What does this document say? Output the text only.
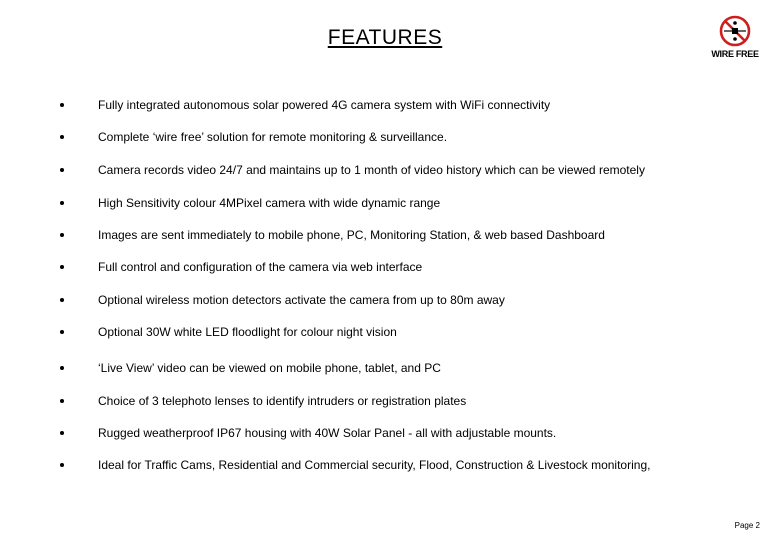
FEATURES
WIRE FREE
Fully integrated autonomous solar powered 4G camera system with WiFi connectivity
Complete ‘wire free’ solution for remote monitoring & surveillance.
Camera records video 24/7 and maintains up to 1 month of video history which can be viewed remotely
High Sensitivity colour 4MPixel camera with wide dynamic range
Images are sent immediately to mobile phone, PC, Monitoring Station, & web based Dashboard
Full control and configuration of the camera via web interface
Optional wireless motion detectors activate the camera from up to 80m away
Optional 30W white LED floodlight for colour night vision
‘Live View’ video can be viewed on mobile phone, tablet, and PC
Choice of 3 telephoto lenses to identify intruders or registration plates
Rugged weatherproof IP67 housing with 40W Solar Panel - all with adjustable mounts.
Ideal for Traffic Cams, Residential and Commercial security, Flood, Construction & Livestock monitoring,
Page 2
